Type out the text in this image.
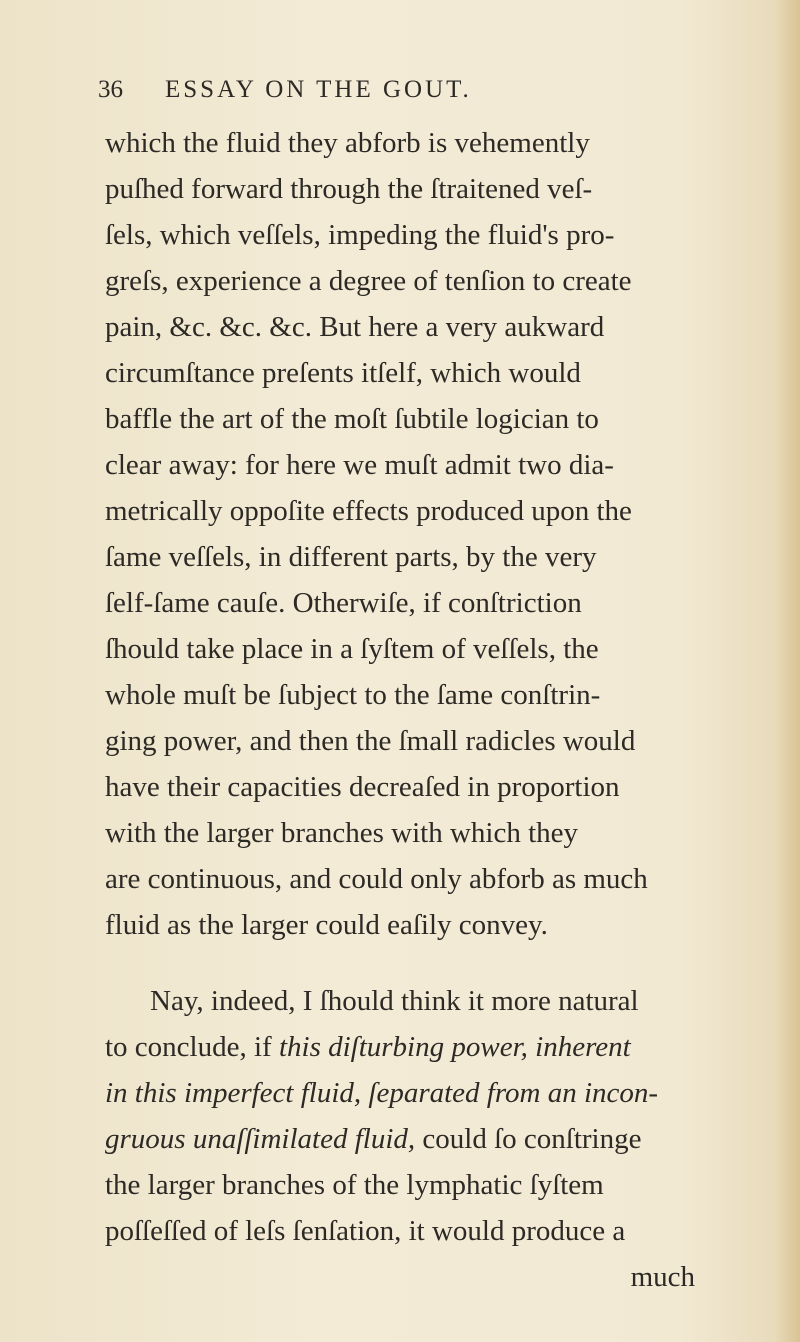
36 ESSAY ON THE GOUT.
which the fluid they abforb is vehemently
puſhed forward through the ſtraitened veſ-
ſels, which veſſels, impeding the fluid's pro-
greſs, experience a degree of tenſion to create
pain, &c. &c. &c. But here a very aukward
circumſtance preſents itſelf, which would
baffle the art of the moſt ſubtile logician to
clear away: for here we muſt admit two dia-
metrically oppoſite effects produced upon the
ſame veſſels, in different parts, by the very
ſelf-ſame cauſe. Otherwiſe, if conſtriction
ſhould take place in a ſyſtem of veſſels, the
whole muſt be ſubject to the ſame conſtrin-
ging power, and then the ſmall radicles would
have their capacities decreaſed in proportion
with the larger branches with which they
are continuous, and could only abforb as much
fluid as the larger could eaſily convey.
Nay, indeed, I ſhould think it more natural
to conclude, if this diſturbing power, inherent
in this imperfect fluid, ſeparated from an incon-
gruous unaſſimilated fluid, could ſo conſtringe
the larger branches of the lymphatic ſyſtem
poſſeſſed of leſs ſenſation, it would produce a
much
